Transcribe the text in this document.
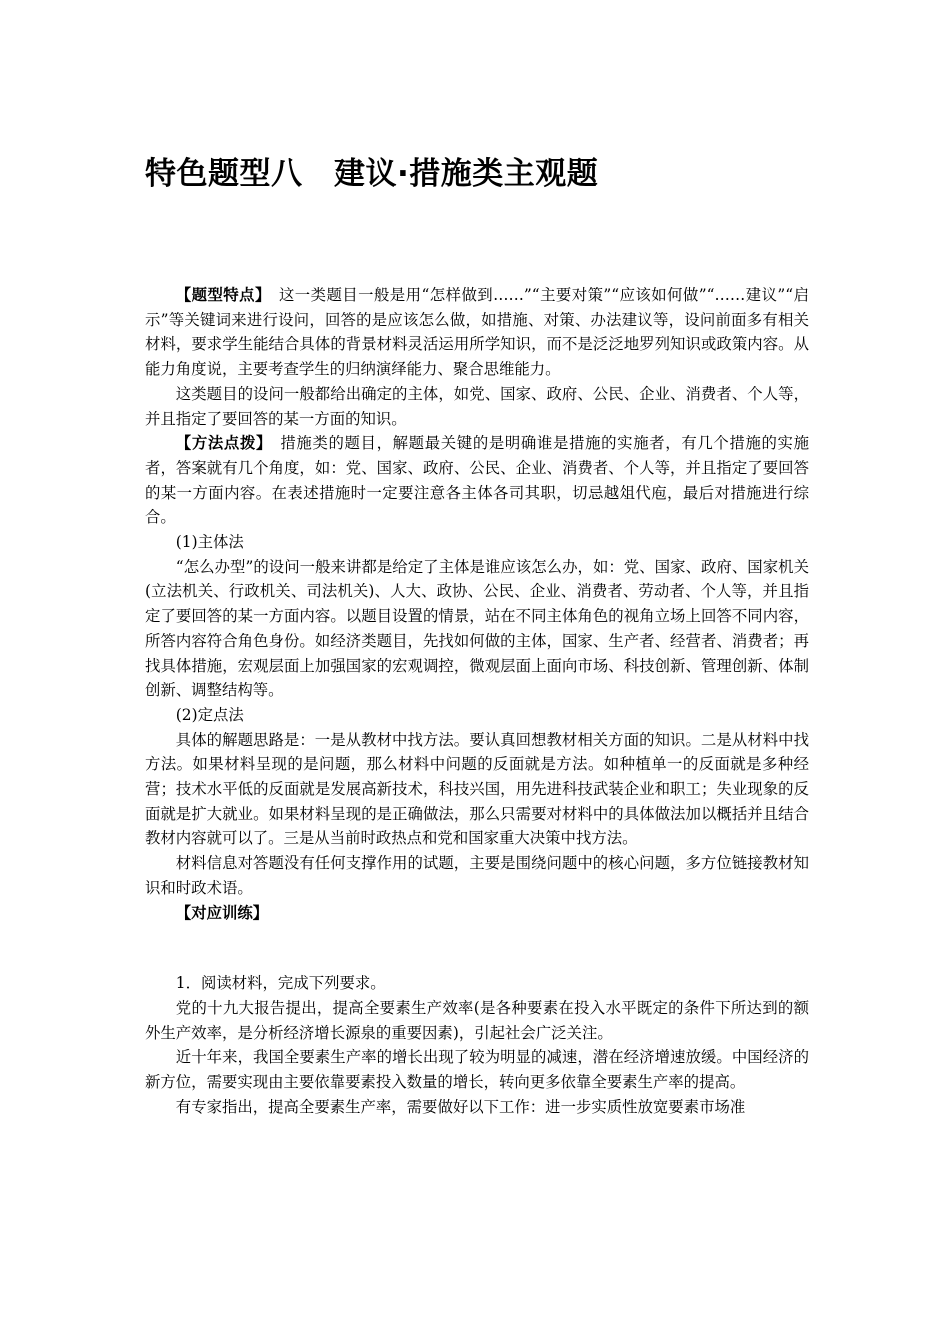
特色题型八　建议·措施类主观题

【题型特点】　这一类题目一般是用“怎样做到……”“主要对策”“应该如何做”“……建议”“启示”等关键词来进行设问，回答的是应该怎么做，如措施、对策、办法建议等，设问前面多有相关材料，要求学生能结合具体的背景材料灵活运用所学知识，而不是泛泛地罗列知识或政策内容。从能力角度说，主要考查学生的归纳演绎能力、聚合思维能力。

这类题目的设问一般都给出确定的主体，如党、国家、政府、公民、企业、消费者、个人等，并且指定了要回答的某一方面的知识。

【方法点拨】　措施类的题目，解题最关键的是明确谁是措施的实施者，有几个措施的实施者，答案就有几个角度，如：党、国家、政府、公民、企业、消费者、个人等，并且指定了要回答的某一方面内容。在表述措施时一定要注意各主体各司其职，切忌越俎代庖，最后对措施进行综合。

(1)主体法

“怎么办型”的设问一般来讲都是给定了主体是谁应该怎么办，如：党、国家、政府、国家机关(立法机关、行政机关、司法机关)、人大、政协、公民、企业、消费者、劳动者、个人等，并且指定了要回答的某一方面内容。以题目设置的情景，站在不同主体角色的视角立场上回答不同内容，所答内容符合角色身份。如经济类题目，先找如何做的主体，国家、生产者、经营者、消费者；再找具体措施，宏观层面上加强国家的宏观调控，微观层面上面向市场、科技创新、管理创新、体制创新、调整结构等。

(2)定点法

具体的解题思路是：一是从教材中找方法。要认真回想教材相关方面的知识。二是从材料中找方法。如果材料呈现的是问题，那么材料中问题的反面就是方法。如种植单一的反面就是多种经营；技术水平低的反面就是发展高新技术，科技兴国，用先进科技武装企业和职工；失业现象的反面就是扩大就业。如果材料呈现的是正确做法，那么只需要对材料中的具体做法加以概括并且结合教材内容就可以了。三是从当前时政热点和党和国家重大决策中找方法。

材料信息对答题没有任何支撑作用的试题，主要是围绕问题中的核心问题，多方位链接教材知识和时政术语。

【对应训练】

1．阅读材料，完成下列要求。

党的十九大报告提出，提高全要素生产效率(是各种要素在投入水平既定的条件下所达到的额外生产效率，是分析经济增长源泉的重要因素)，引起社会广泛关注。

近十年来，我国全要素生产率的增长出现了较为明显的减速，潜在经济增速放缓。中国经济的新方位，需要实现由主要依靠要素投入数量的增长，转向更多依靠全要素生产率的提高。

有专家指出，提高全要素生产率，需要做好以下工作：进一步实质性放宽要素市场准
